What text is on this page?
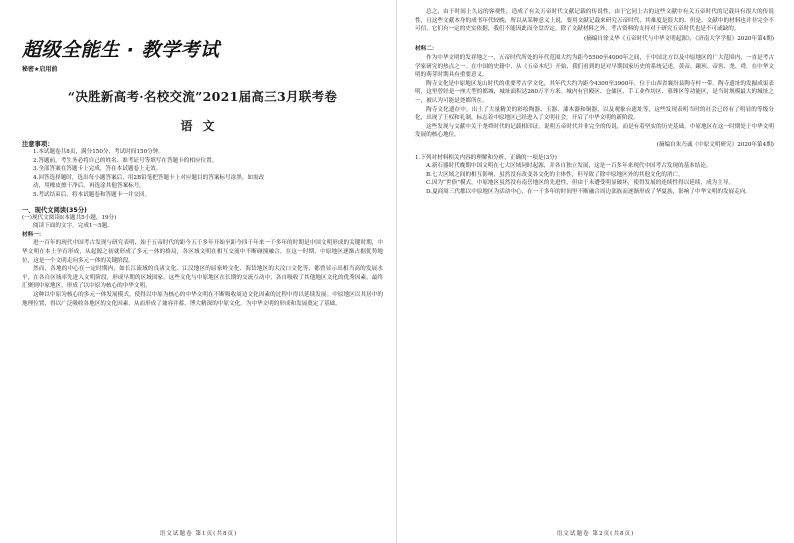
超级全能生 · 教学考试
秘密★启用前
“决胜新高考·名校交流”2021届高三3月联考卷
语文
注意事项：
1.本试题卷共8页，满分150分，考试时间150分钟。
2.答题前，考生务必将自己的姓名、准考证号等填写在答题卡的相应位置。
3.全部答案在答题卡上完成，答在本试题卷上无效。
4.回答选择题时，选出每小题答案后，用2B铅笔把答题卡上对应题目的答案标号涂黑。如需改
动，用橡皮擦干净后，再选涂其他答案标号。
5.考试结束后，将本试题卷和答题卡一并交回。
一、现代文阅读(35分)
(一)现代文阅读Ⅰ(本题共5小题，19分)
阅读下面的文字，完成1～5题。
材料一：
进一百年的现代中国考古发现与研究表明，始于五帝时代的距今五千多年开始至距今四千年来一千多年的时期是中国文明形成的关键时期，中华文明在本土孕育形成，从起源之初就形成了多元一体的格局，各区域文明在相互交流中不断碰撞融合，在这一时期，中原地区逐渐占据优势地位，这是一个文明走向多元一体的关键阶段。
然而，各地的中心在一定时期内，如长江流域的良渚文化、江汉地区的屈家岭文化、海岱地区的大汶口文化等，都曾显示出相当高的发展水平，在各自区域率先进入文明阶段，形成早期的区域国家。这些文化与中原地区在长期的交流互动中，各自吸收了其他地区文化的优秀因素，最终汇聚到中原地区，形成了以中原为核心的中华文明。
这种以中原为核心的多元一体发展模式，使得以中原为核心的中华文明在不断吸收周边文化因素的过程中得以延续发展。中原地区以其居中的地理位置，得以广泛吸收各地区的文化因素，从而形成了兼容并蓄、博大精深的中原文化，为中华文明的形成和发展奠定了基础。
语文试题卷 第1页(共8页)
总之，由于时间上久远的客观性，造成了有关五帝时代文献记载的传说性，由于它同上古的这些文献中有关五帝时代的记载具有很大的传说性，且这些文献本身的成书年代较晚，所以从某种意义上说，要用文献记载来研究五帝时代，其难度是很大的。但是，文献中的材料也并非完全不可信，它们有一定的史实依据，我们不能因此而全盘否定。除了文献材料之外，考古资料的支持对于研究五帝时代也是不可或缺的。
(摘编自徐义华《五帝时代与中华文明起源》，《济南大学学报》2020年第4期)
材料二：
作为中华文明的发祥地之一，五帝时代所处的年代范围大约为距今5500至4000年之间，于中国北方以及中原地区的广大范围内，一直是考古学家研究的热点之一。在中国的史籍中，从《五帝本纪》开始，我们看到的是对早期国家历史的系统记述，黄帝、颛顼、帝喾、尧、舜，在中华文明的萌芽时期具有重要意义。
陶寺文化是中原地区龙山时代的重要考古学文化，其年代大约为距今4300至3900年，位于山西省襄汾县陶寺村一带。陶寺遗址的发掘成果表明，这里曾经是一座大型的都城，城址面积达280万平方米。城内有宫殿区、仓储区、手工业作坊区、墓葬区等功能区，是当时规模最大的城址之一，被认为可能是尧都所在。
陶寺文化遗存中，出土了大量精美的彩绘陶器、玉器、漆木器和铜器，以及观象台遗址等，这些发现表明当时的社会已经有了明显的等级分化，出现了王权和礼制，标志着中原地区已经进入了文明社会，开启了中华文明的新阶段。
这些发现与文献中关于尧舜时代的记载相印证，说明五帝时代并非完全的传说，而是有着坚实的历史基础，中原地区在这一时期处于中华文明发展的核心地位。
(摘编自朱乃诚《中原文明研究》2020年第4期)
1.下列对材料相关内容的理解和分析，正确的一项是(3分)
A.新石器时代晚期中国文明在七大区域同时起源，并各自独立发展，这是一百多年来现代中国考古发现的基本结论。
B.七大区域之间的相互影响，虽然没有改变各文化的主体性，但导致了除中原地区外的其他文化的消亡。
C.因为“世俗”模式，中原地区虽然没有南岳地区的先进性，但由于未遭受明显破坏，使得发展的连续性得以延续，成为主导。
D.夏商周三代都以中原地区为活动中心，在一千多年的时间里不断融合周边部族而逐渐形成了华夏族，影响了中华文明的发展走向。
语文试题卷 第2页(共8页)
